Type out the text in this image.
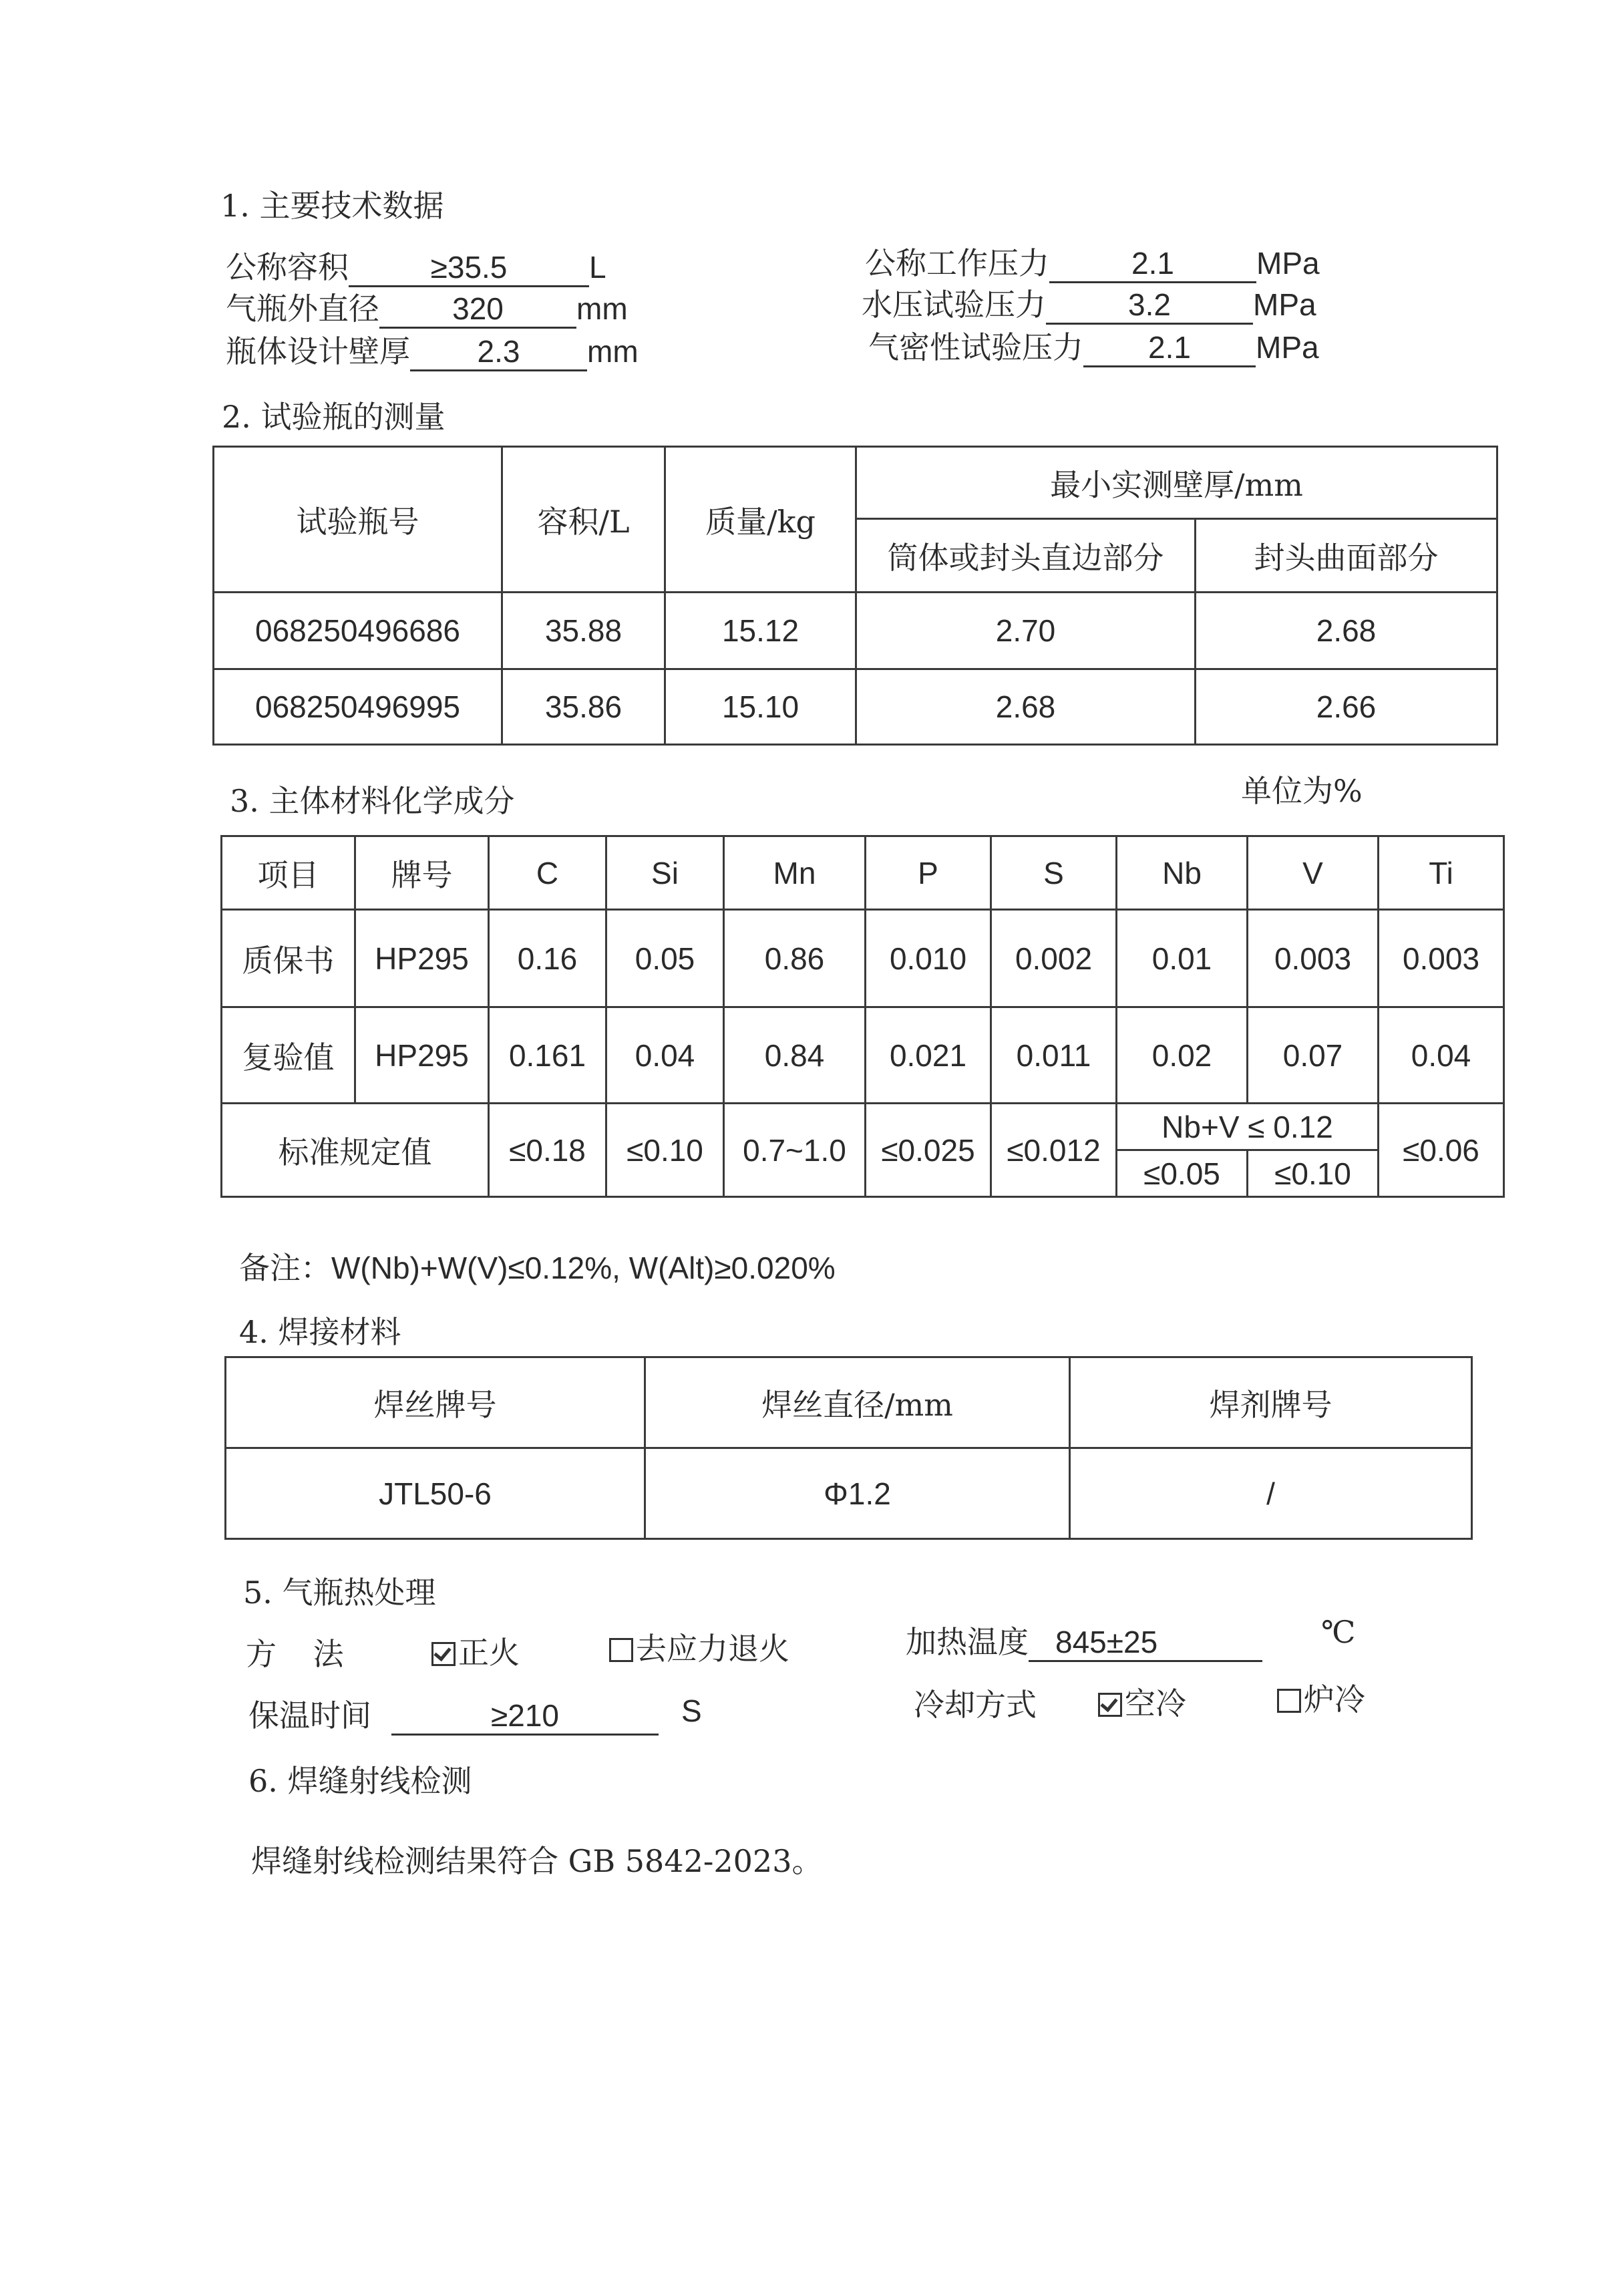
1. 主要技术数据
公称容积	≥35.5	L
气瓶外直径 320 mm
瓶体设计壁厚 2.3 mm
公称工作压力	2.1	MPa
水压试验压力	3.2	MPa
气密性试验压力 2.1 MPa
2. 试验瓶的测量
试验瓶号	容积/L	质量/kg	最小实测壁厚/mm	
			筒体或封头直边部分	封头曲面部分
068250496686	35.88	15.12	2.70	2.68
068250496995	35.86	15.10	2.68	2.66
3. 主体材料化学成分	单位为%
项目	牌号	C	Si	Mn	P	S	Nb	V	Ti
质保书	HP295	0.16	0.05	0.86	0.010	0.002	0.01	0.003	0.003
复验值	HP295	0.161	0.04	0.84	0.021	0.011	0.02	0.07	0.04
标准规定值		≤0.18	≤0.10	0.7~1.0	≤0.025	≤0.012	Nb+V ≤ 0.12		≤0.06
							≤0.05	≤0.10	
备注：W(Nb)+W(V)≤0.12%, W(Alt)≥0.020%
4. 焊接材料
焊丝牌号	焊丝直径/mm	焊剂牌号
JTL50-6	Φ1.2	/
5. 气瓶热处理
方 法	正火	去应力退火	加热温度 845±25	℃
保温时间	≥210	S	冷却方式	空冷	炉冷
6. 焊缝射线检测
焊缝射线检测结果符合 GB 5842-2023。
